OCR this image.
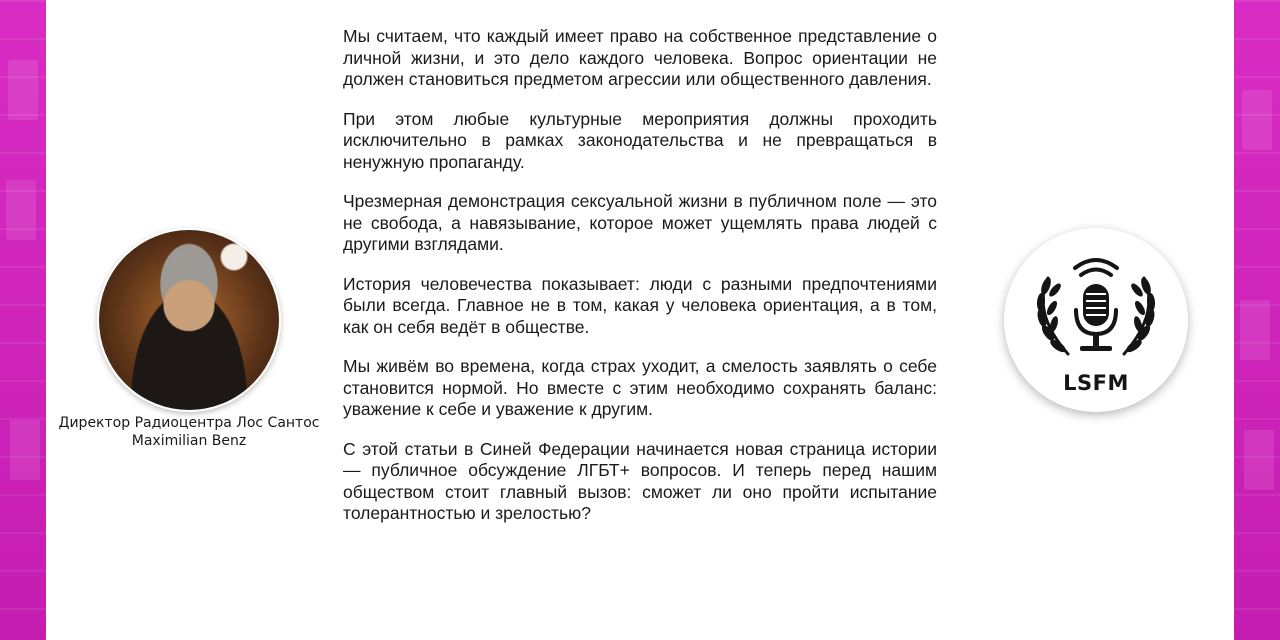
Директор Радиоцентра Лос Сантос
Maximilian Benz

Мы считаем, что каждый имеет право на собственное представление о личной жизни, и это дело каждого человека. Вопрос ориентации не должен становиться предметом агрессии или общественного давления.

При этом любые культурные мероприятия должны проходить исключительно в рамках законодательства и не превращаться в ненужную пропаганду.

Чрезмерная демонстрация сексуальной жизни в публичном поле — это не свобода, а навязывание, которое может ущемлять права людей с другими взглядами.

История человечества показывает: люди с разными предпочтениями были всегда. Главное не в том, какая у человека ориентация, а в том, как он себя ведёт в обществе.

Мы живём во времена, когда страх уходит, а смелость заявлять о себе становится нормой. Но вместе с этим необходимо сохранять баланс: уважение к себе и уважение к другим.

С этой статьи в Синей Федерации начинается новая страница истории — публичное обсуждение ЛГБТ+ вопросов. И теперь перед нашим обществом стоит главный вызов: сможет ли оно пройти испытание толерантностью и зрелостью?

LSFM
